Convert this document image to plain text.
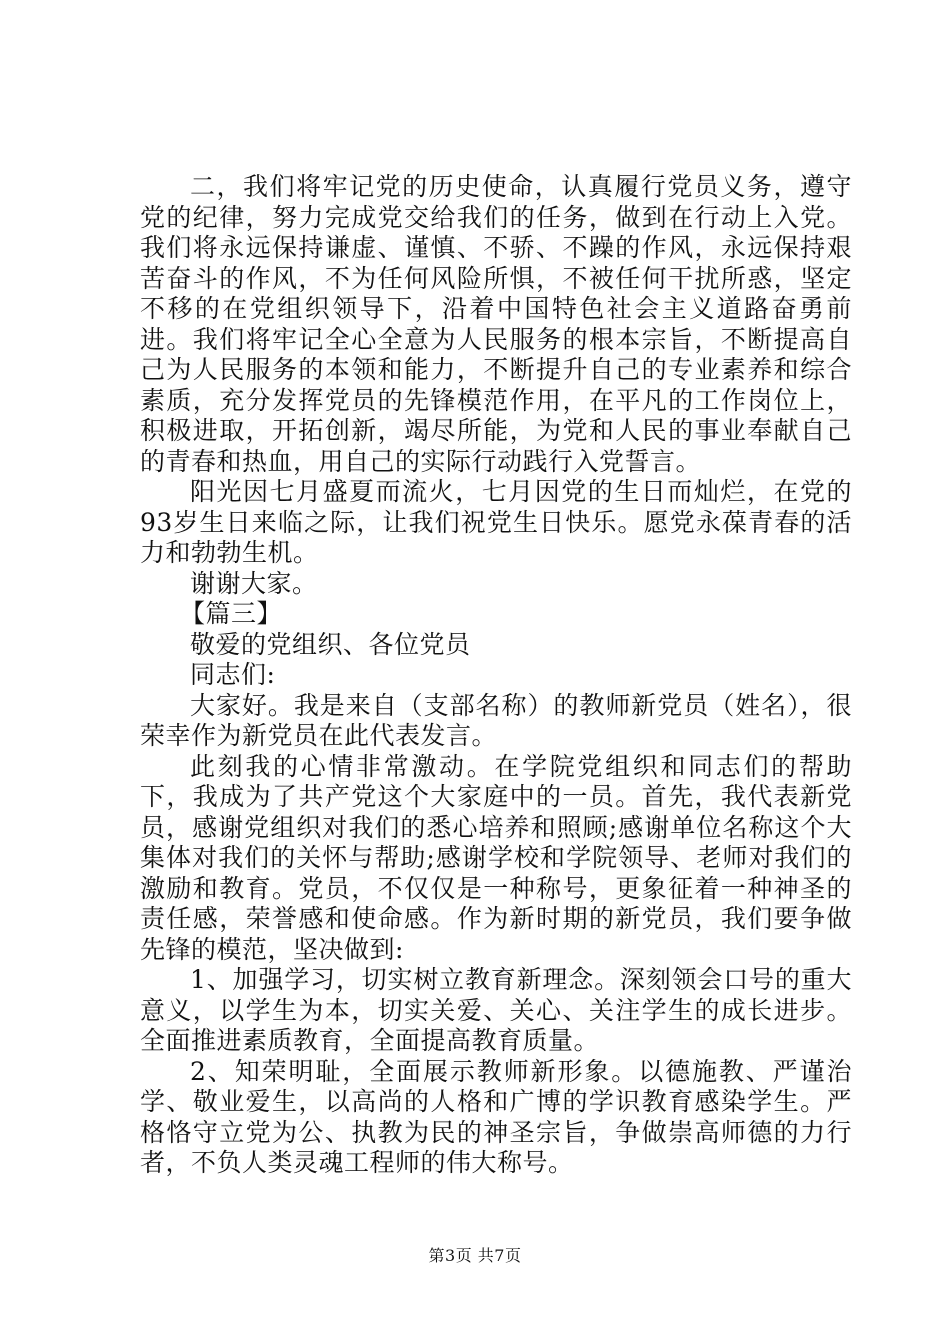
二，我们将牢记党的历史使命，认真履行党员义务，遵守党的纪律，努力完成党交给我们的任务，做到在行动上入党。我们将永远保持谦虚、谨慎、不骄、不躁的作风，永远保持艰苦奋斗的作风，不为任何风险所惧，不被任何干扰所惑，坚定不移的在党组织领导下，沿着中国特色社会主义道路奋勇前进。我们将牢记全心全意为人民服务的根本宗旨，不断提高自己为人民服务的本领和能力，不断提升自己的专业素养和综合素质，充分发挥党员的先锋模范作用，在平凡的工作岗位上，积极进取，开拓创新，竭尽所能，为党和人民的事业奉献自己的青春和热血，用自己的实际行动践行入党誓言。

阳光因七月盛夏而流火，七月因党的生日而灿烂，在党的93岁生日来临之际，让我们祝党生日快乐。愿党永葆青春的活力和勃勃生机。

谢谢大家。

【篇三】

敬爱的党组织、各位党员

同志们:

大家好。我是来自（支部名称）的教师新党员（姓名），很荣幸作为新党员在此代表发言。

此刻我的心情非常激动。在学院党组织和同志们的帮助下，我成为了共产党这个大家庭中的一员。首先，我代表新党员，感谢党组织对我们的悉心培养和照顾;感谢单位名称这个大集体对我们的关怀与帮助;感谢学校和学院领导、老师对我们的激励和教育。党员，不仅仅是一种称号，更象征着一种神圣的责任感，荣誉感和使命感。作为新时期的新党员，我们要争做先锋的模范，坚决做到:

1、加强学习，切实树立教育新理念。深刻领会口号的重大意义，以学生为本，切实关爱、关心、关注学生的成长进步。全面推进素质教育，全面提高教育质量。

2、知荣明耻，全面展示教师新形象。以德施教、严谨治学、敬业爱生，以高尚的人格和广博的学识教育感染学生。严格恪守立党为公、执教为民的神圣宗旨，争做崇高师德的力行者，不负人类灵魂工程师的伟大称号。

第3页 共7页
